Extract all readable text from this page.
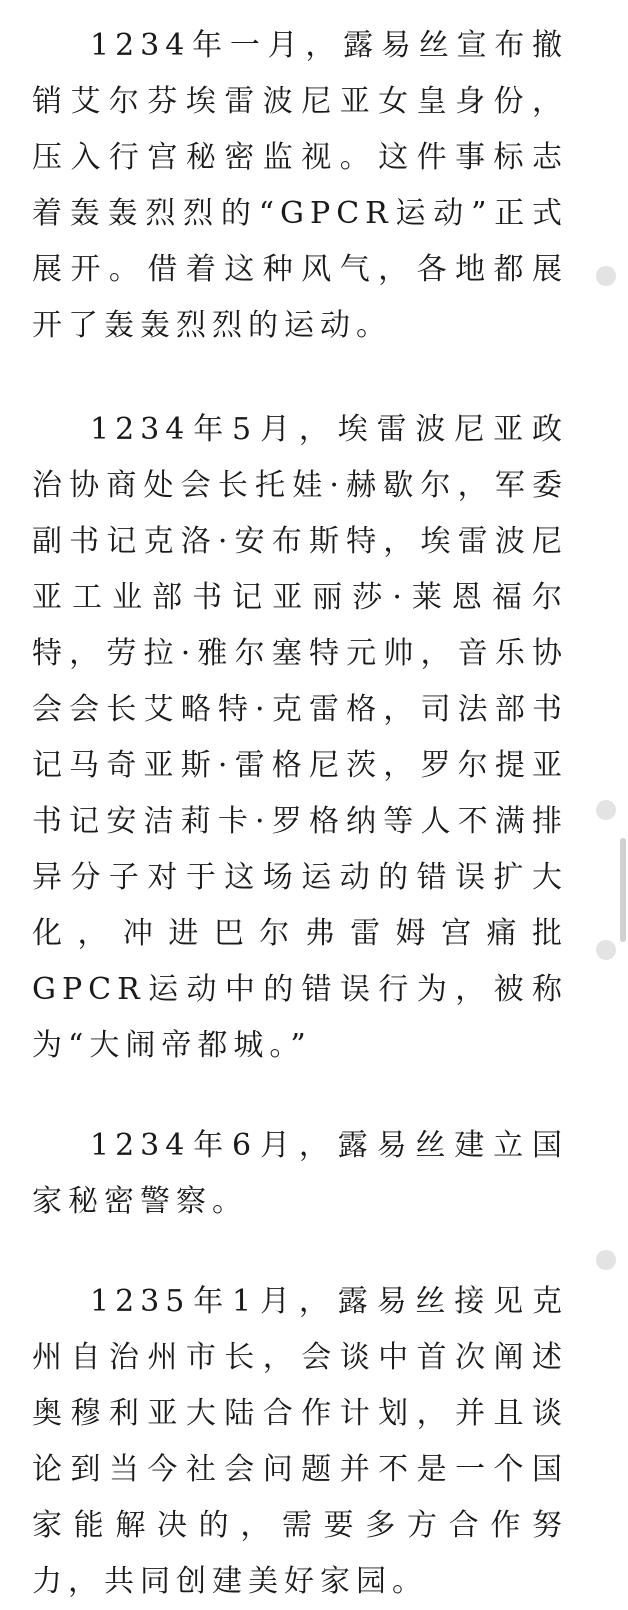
1234年一月，露易丝宣布撤销艾尔芬埃雷波尼亚女皇身份，压入行宫秘密监视。这件事标志着轰轰烈烈的“GPCR运动”正式展开。借着这种风气，各地都展开了轰轰烈烈的运动。

1234年5月，埃雷波尼亚政治协商处会长托娃·赫歇尔，军委副书记克洛·安布斯特，埃雷波尼亚工业部书记亚丽莎·莱恩福尔特，劳拉·雅尔塞特元帅，音乐协会会长艾略特·克雷格，司法部书记马奇亚斯·雷格尼茨，罗尔提亚书记安洁莉卡·罗格纳等人不满排异分子对于这场运动的错误扩大化，冲进巴尔弗雷姆宫痛批GPCR运动中的错误行为，被称为“大闹帝都城。”

1234年6月，露易丝建立国家秘密警察。

1235年1月，露易丝接见克州自治州市长，会谈中首次阐述奥穆利亚大陆合作计划，并且谈论到当今社会问题并不是一个国家能解决的，需要多方合作努力，共同创建美好家园。
